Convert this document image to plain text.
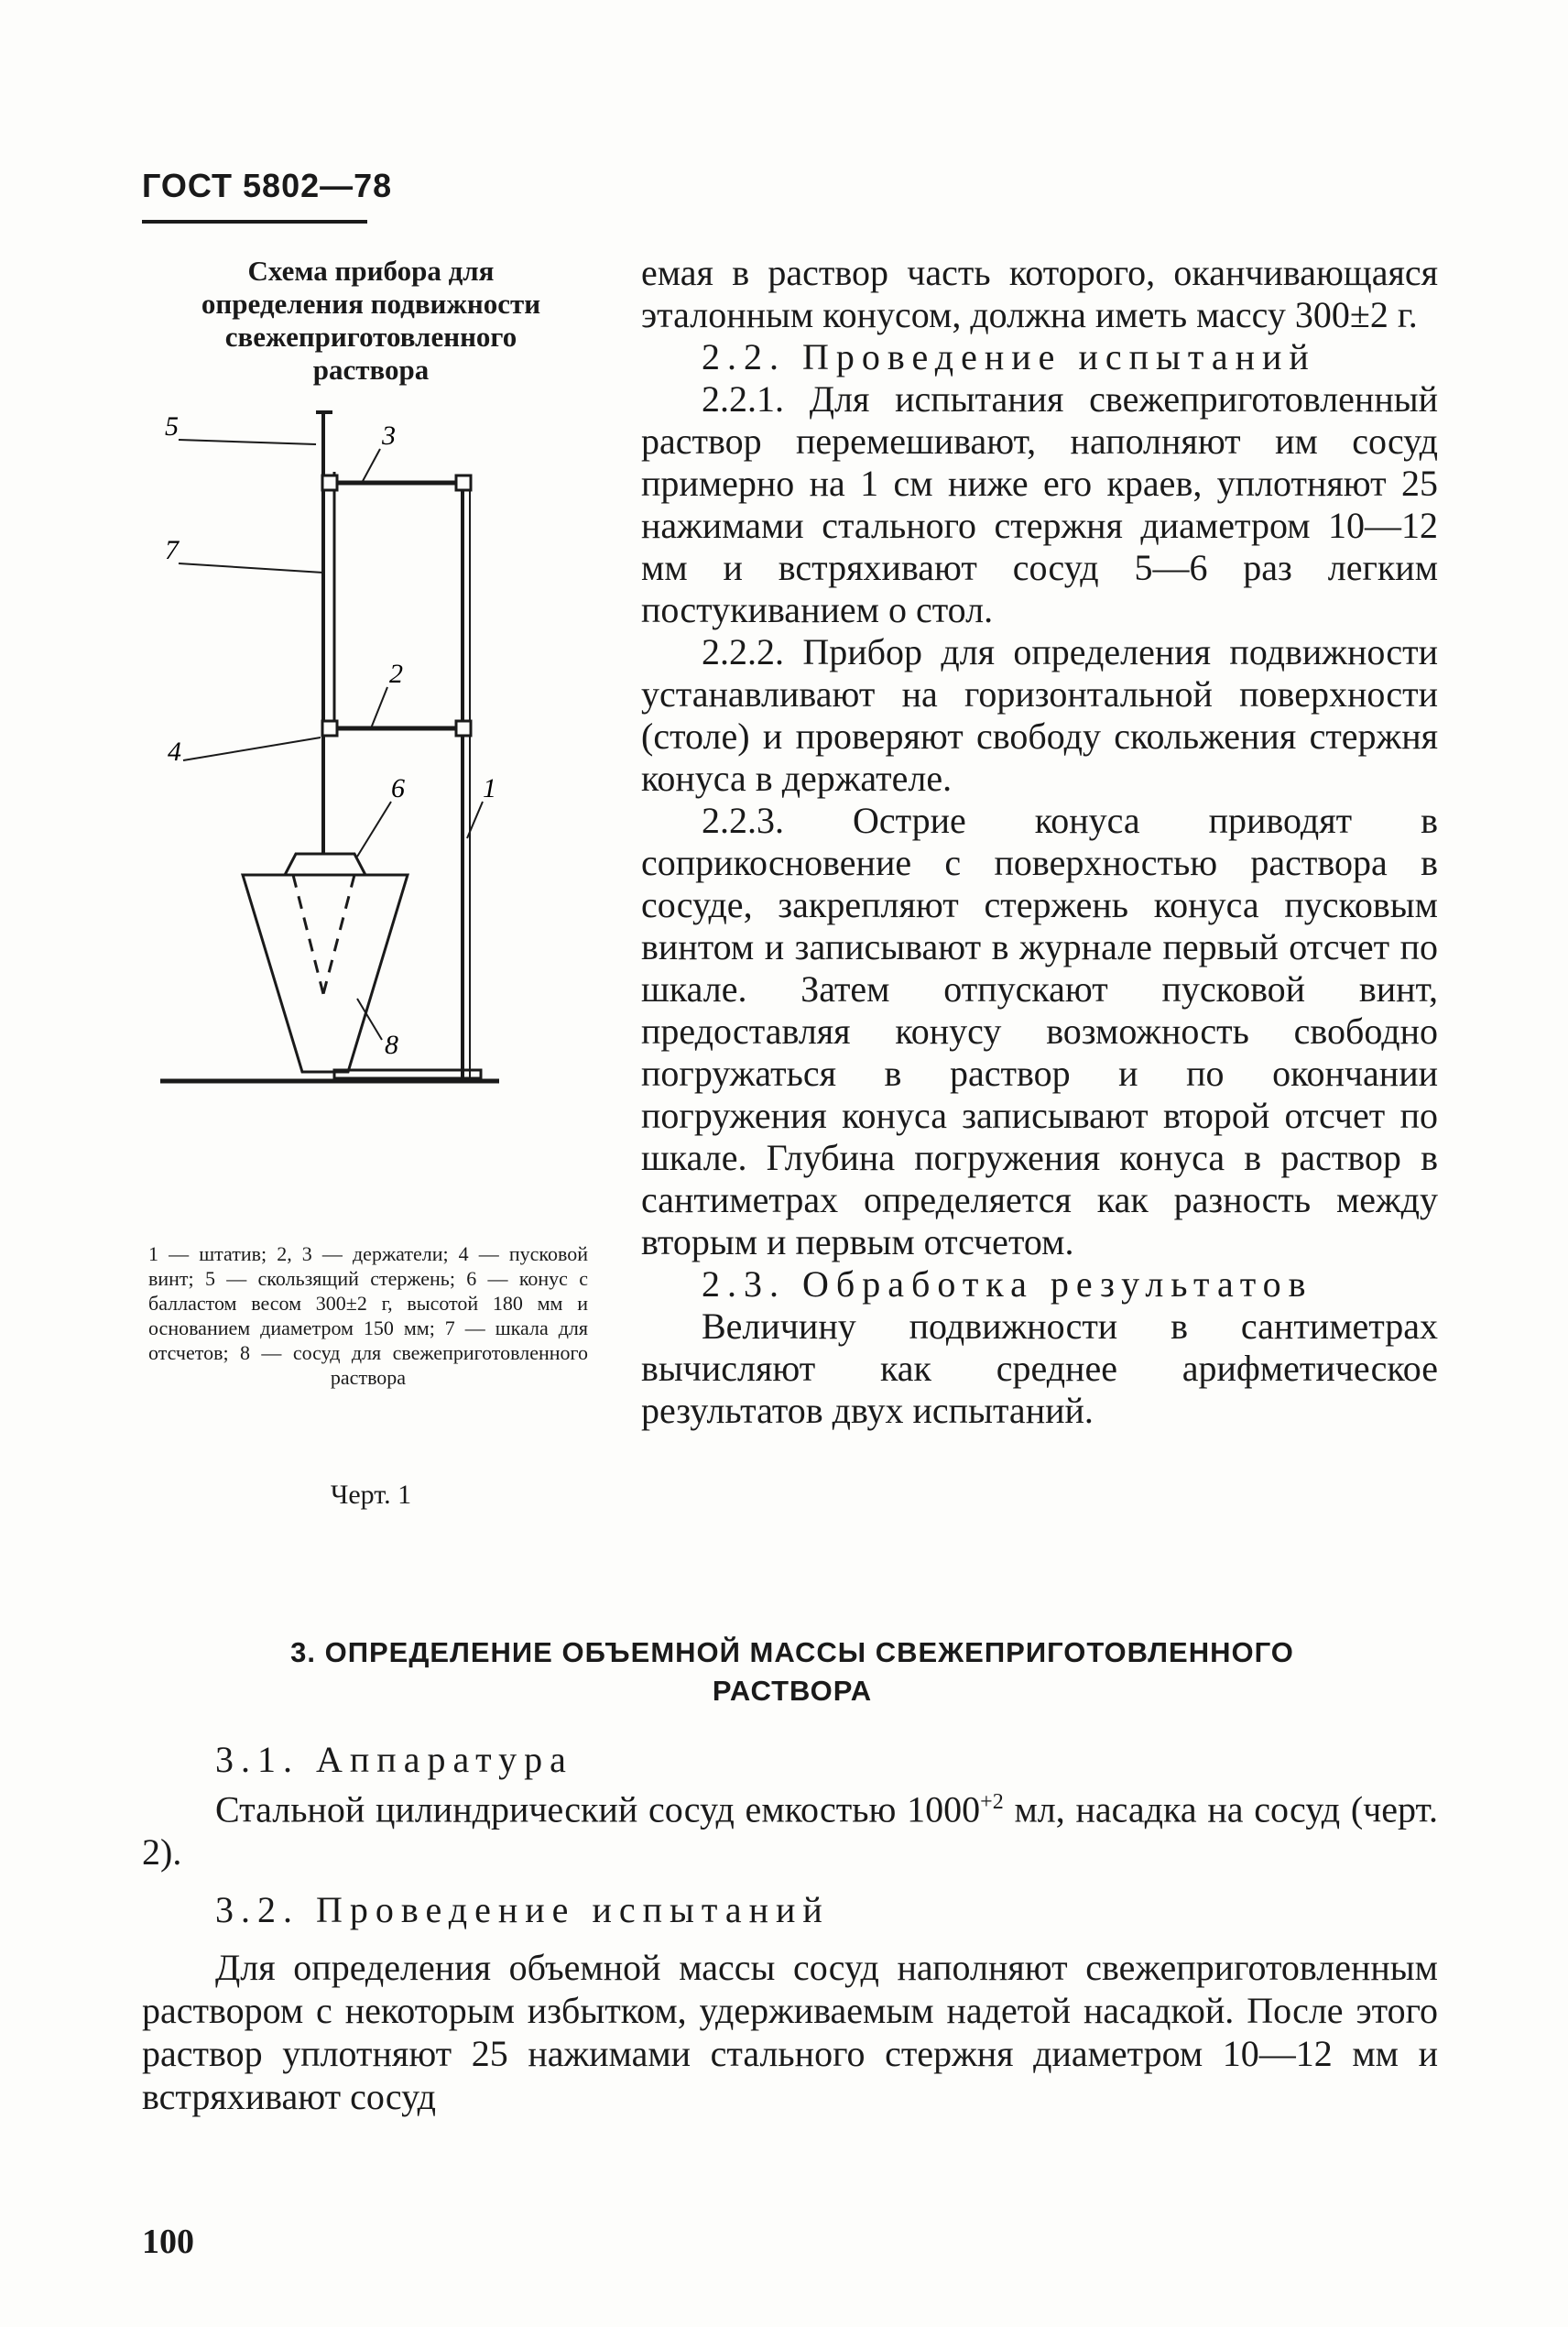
ГОСТ 5802—78
Схема прибора для
определения подвижности
свежеприготовленного
раствора
5	3
7
2
4
6	1
8
1 — штатив; 2, 3 — держатели; 4 — пусковой винт; 5 — скользящий стержень; 6 — конус с балластом весом 300±2 г, высотой 180 мм и основанием диаметром 150 мм; 7 — шкала для отсчетов; 8 — сосуд для свежеприготовленного раствора
Черт. 1

емая в раствор часть которого, оканчивающаяся эталонным конусом, должна иметь массу 300±2 г.

2.2. Проведение испытаний

2.2.1. Для испытания свежеприготовленный раствор перемешивают, наполняют им сосуд примерно на 1 см ниже его краев, уплотняют 25 нажимами стального стержня диаметром 10—12 мм и встряхивают сосуд 5—6 раз легким постукиванием о стол.

2.2.2. Прибор для определения подвижности устанавливают на горизонтальной поверхности (столе) и проверяют свободу скольжения стержня конуса в держателе.

2.2.3. Острие конуса приводят в соприкосновение с поверхностью раствора в сосуде, закрепляют стержень конуса пусковым винтом и записывают в журнале первый отсчет по шкале. Затем отпускают пусковой винт, предоставляя конусу возможность свободно погружаться в раствор и по окончании погружения конуса записывают второй отсчет по шкале. Глубина погружения конуса в раствор в сантиметрах определяется как разность между вторым и первым отсчетом.

2.3. Обработка результатов

Величину подвижности в сантиметрах вычисляют как среднее арифметическое результатов двух испытаний.

3. ОПРЕДЕЛЕНИЕ ОБЪЕМНОЙ МАССЫ СВЕЖЕПРИГОТОВЛЕННОГО
РАСТВОРА

3.1. Аппаратура

Стальной цилиндрический сосуд емкостью $1000^{+2}$ мл, насадка на сосуд (черт. 2).

3.2. Проведение испытаний

Для определения объемной массы сосуд наполняют свежеприготовленным раствором с некоторым избытком, удерживаемым надетой насадкой. После этого раствор уплотняют 25 нажимами стального стержня диаметром 10—12 мм и встряхивают сосуд

100
